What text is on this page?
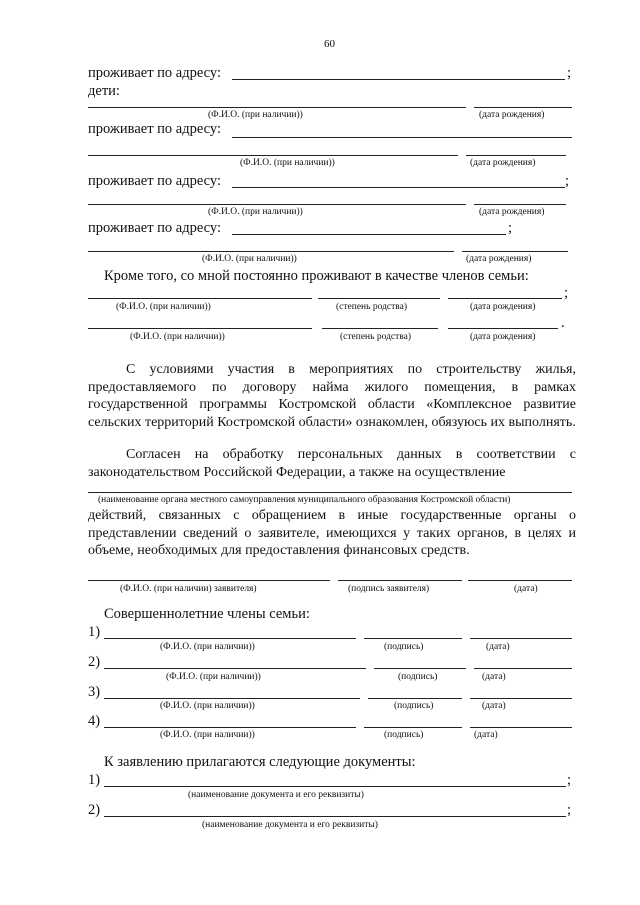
60
проживает по адресу:	;
дети:
(Ф.И.О. (при наличии))	(дата рождения)
проживает по адресу:
(Ф.И.О. (при наличии))	(дата рождения)
проживает по адресу:	;
(Ф.И.О. (при наличии))	(дата рождения)
проживает по адресу:	;
(Ф.И.О. (при наличии))	(дата рождения)
Кроме того, со мной постоянно проживают в качестве членов семьи:
;
(Ф.И.О. (при наличии))	(степень родства)	(дата рождения)
.
(Ф.И.О. (при наличии))	(степень родства)	(дата рождения)
С условиями участия в мероприятиях по строительству жилья, предоставляемого по договору найма жилого помещения, в рамках государственной программы Костромской области «Комплексное развитие сельских территорий Костромской области» ознакомлен, обязуюсь их выполнять.
Согласен на обработку персональных данных в соответствии с законодательством Российской Федерации, а также на осуществление
(наименование органа местного самоуправления муниципального образования Костромской области)
действий, связанных с обращением в иные государственные органы о представлении сведений о заявителе, имеющихся у таких органов, в целях и объеме, необходимых для предоставления финансовых средств.
(Ф.И.О. (при наличии) заявителя)	(подпись заявителя)	(дата)
Совершеннолетние члены семьи:
1)
(Ф.И.О. (при наличии))	(подпись)	(дата)
2)
(Ф.И.О. (при наличии))	(подпись)	(дата)
3)
(Ф.И.О. (при наличии))	(подпись)	(дата)
4)
(Ф.И.О. (при наличии))	(подпись)	(дата)
К заявлению прилагаются следующие документы:
1)	;
(наименование документа и его реквизиты)
2)	;
(наименование документа и его реквизиты)
